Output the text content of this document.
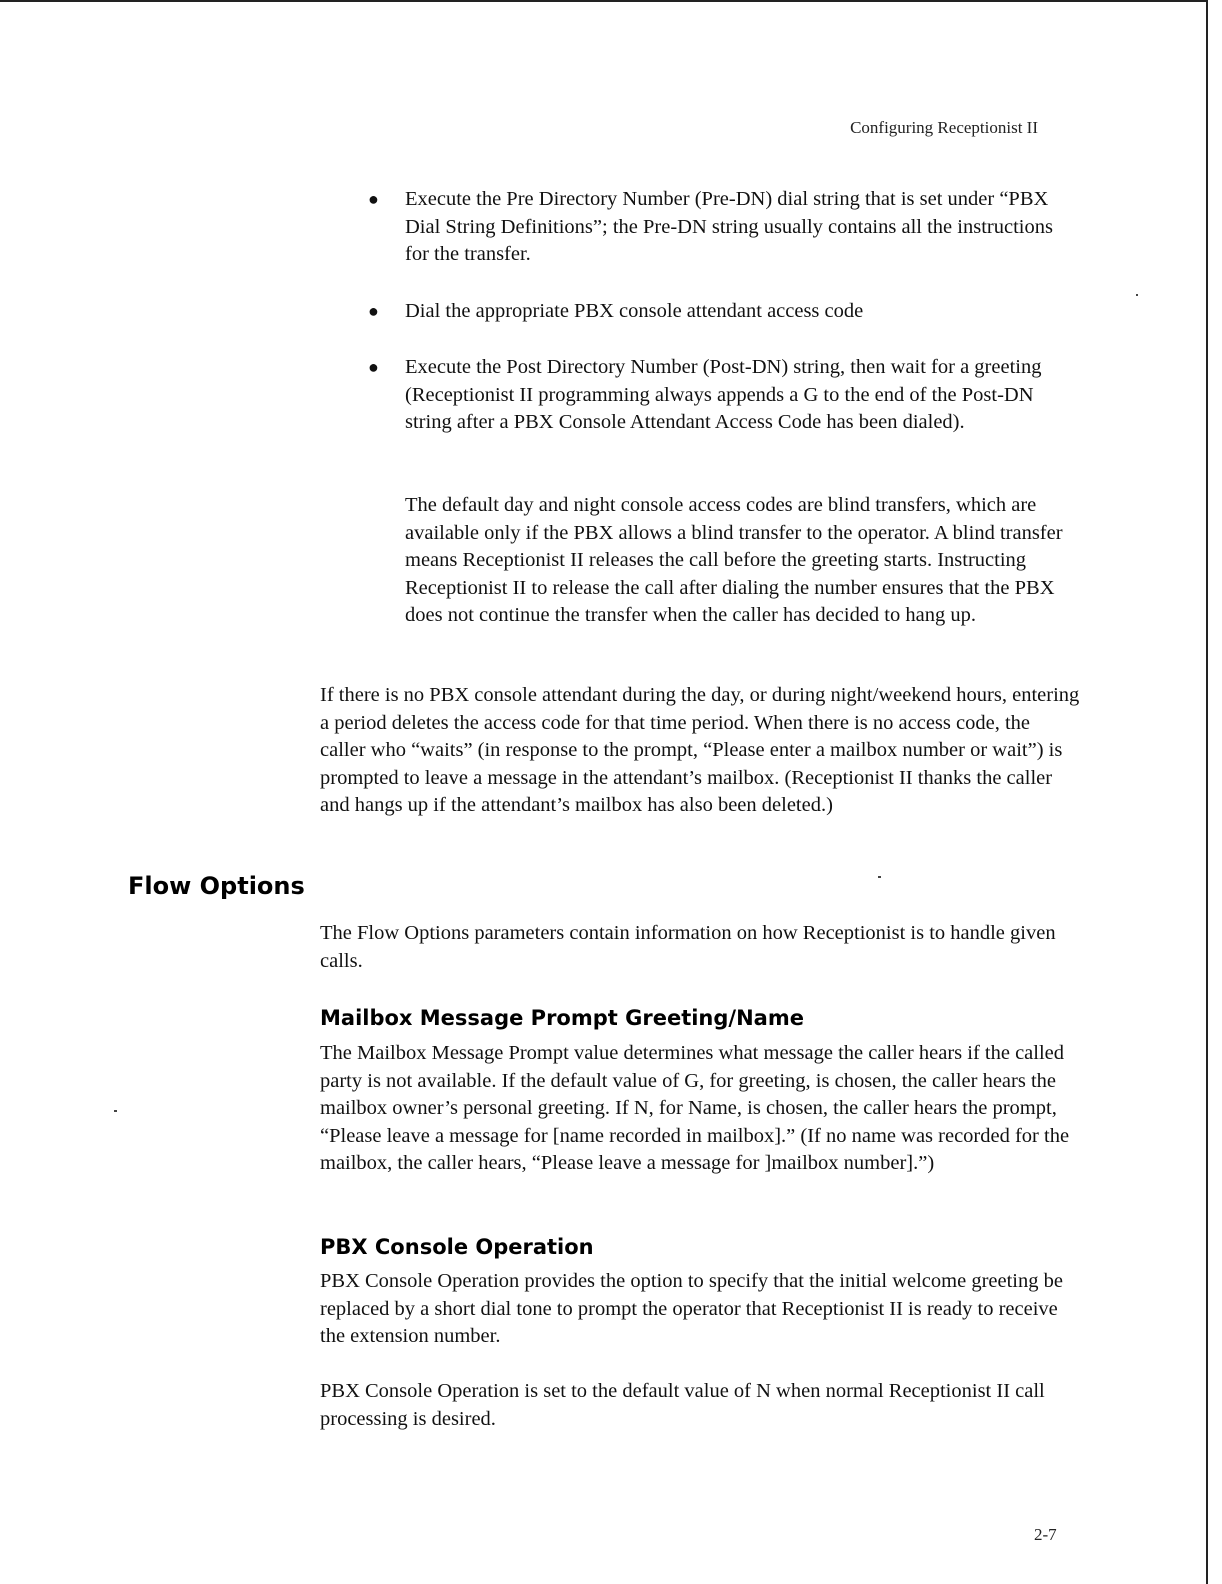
Configuring Receptionist II
● Execute the Pre Directory Number (Pre-DN) dial string that is set under “PBX Dial String Definitions”; the Pre-DN string usually contains all the instructions for the transfer.
● Dial the appropriate PBX console attendant access code
● Execute the Post Directory Number (Post-DN) string, then wait for a greeting (Receptionist II programming always appends a G to the end of the Post-DN string after a PBX Console Attendant Access Code has been dialed).

The default day and night console access codes are blind transfers, which are available only if the PBX allows a blind transfer to the operator. A blind transfer means Receptionist II releases the call before the greeting starts. Instructing Receptionist II to release the call after dialing the number ensures that the PBX does not continue the transfer when the caller has decided to hang up.

If there is no PBX console attendant during the day, or during night/weekend hours, entering a period deletes the access code for that time period. When there is no access code, the caller who “waits” (in response to the prompt, “Please enter a mailbox number or wait”) is prompted to leave a message in the attendant’s mailbox. (Receptionist II thanks the caller and hangs up if the attendant’s mailbox has also been deleted.)

Flow Options

The Flow Options parameters contain information on how Receptionist is to handle given calls.

Mailbox Message Prompt Greeting/Name

The Mailbox Message Prompt value determines what message the caller hears if the called party is not available. If the default value of G, for greeting, is chosen, the caller hears the mailbox owner’s personal greeting. If N, for Name, is chosen, the caller hears the prompt, “Please leave a message for [name recorded in mailbox].” (If no name was recorded for the mailbox, the caller hears, “Please leave a message for ]mailbox number].”)

PBX Console Operation

PBX Console Operation provides the option to specify that the initial welcome greeting be replaced by a short dial tone to prompt the operator that Receptionist II is ready to receive the extension number.

PBX Console Operation is set to the default value of N when normal Receptionist II call processing is desired.

2-7
